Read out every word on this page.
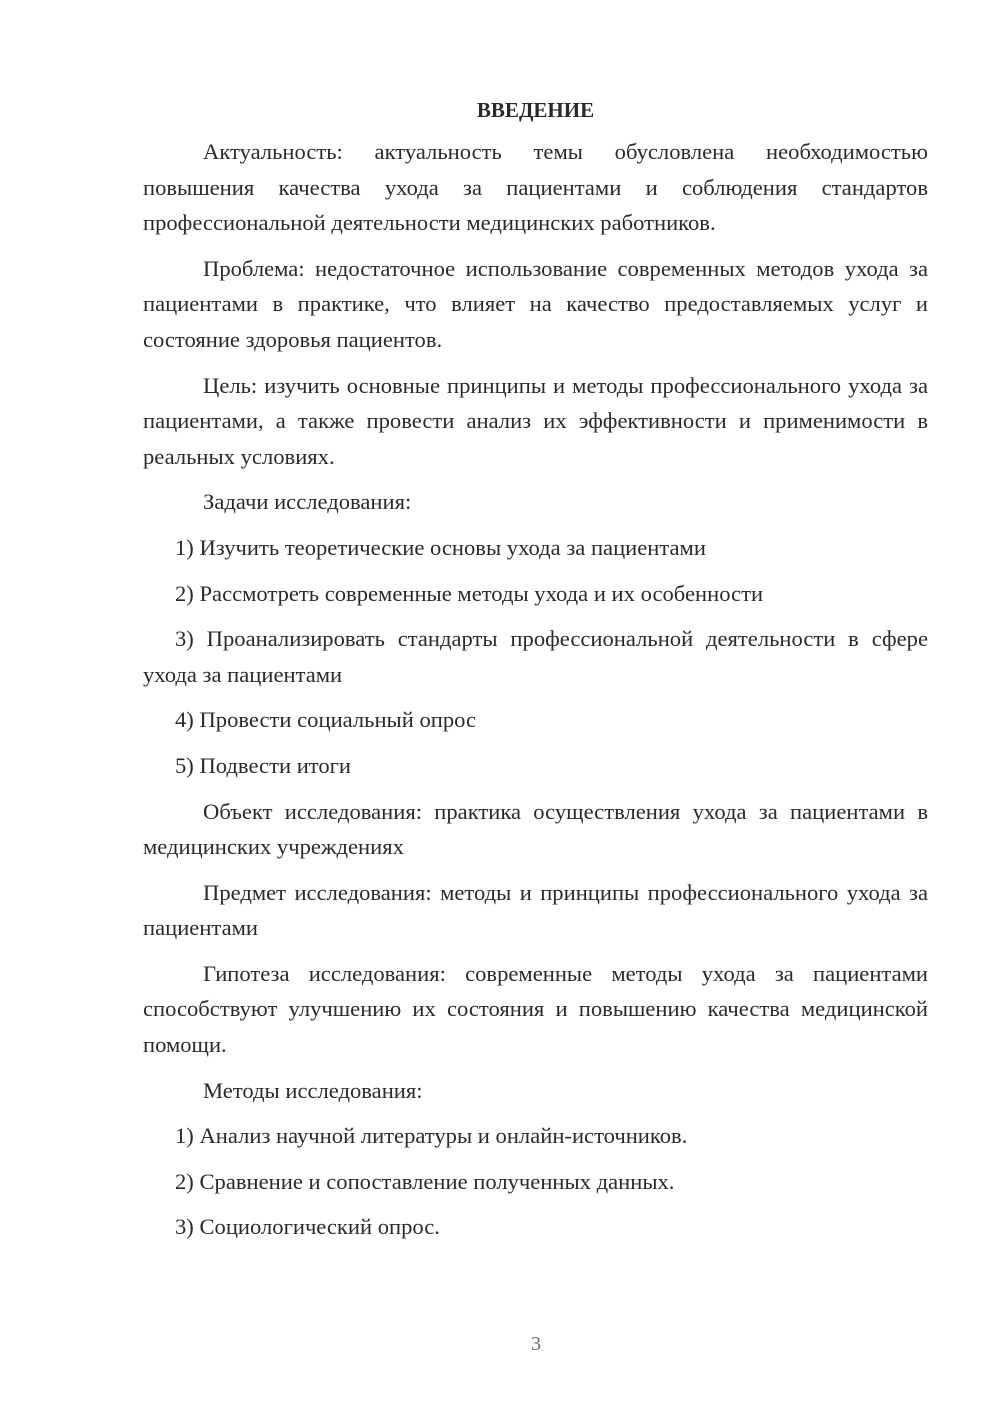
ВВЕДЕНИЕ

Актуальность: актуальность темы обусловлена необходимостью повышения качества ухода за пациентами и соблюдения стандартов профессиональной деятельности медицинских работников.

Проблема: недостаточное использование современных методов ухода за пациентами в практике, что влияет на качество предоставляемых услуг и состояние здоровья пациентов.

Цель: изучить основные принципы и методы профессионального ухода за пациентами, а также провести анализ их эффективности и применимости в реальных условиях.

Задачи исследования:

1) Изучить теоретические основы ухода за пациентами

2) Рассмотреть современные методы ухода и их особенности

3) Проанализировать стандарты профессиональной деятельности в сфере ухода за пациентами

4) Провести социальный опрос

5) Подвести итоги

Объект исследования: практика осуществления ухода за пациентами в медицинских учреждениях

Предмет исследования: методы и принципы профессионального ухода за пациентами

Гипотеза исследования: современные методы ухода за пациентами способствуют улучшению их состояния и повышению качества медицинской помощи.

Методы исследования:

1) Анализ научной литературы и онлайн-источников.

2) Сравнение и сопоставление полученных данных.

3) Социологический опрос.

3
